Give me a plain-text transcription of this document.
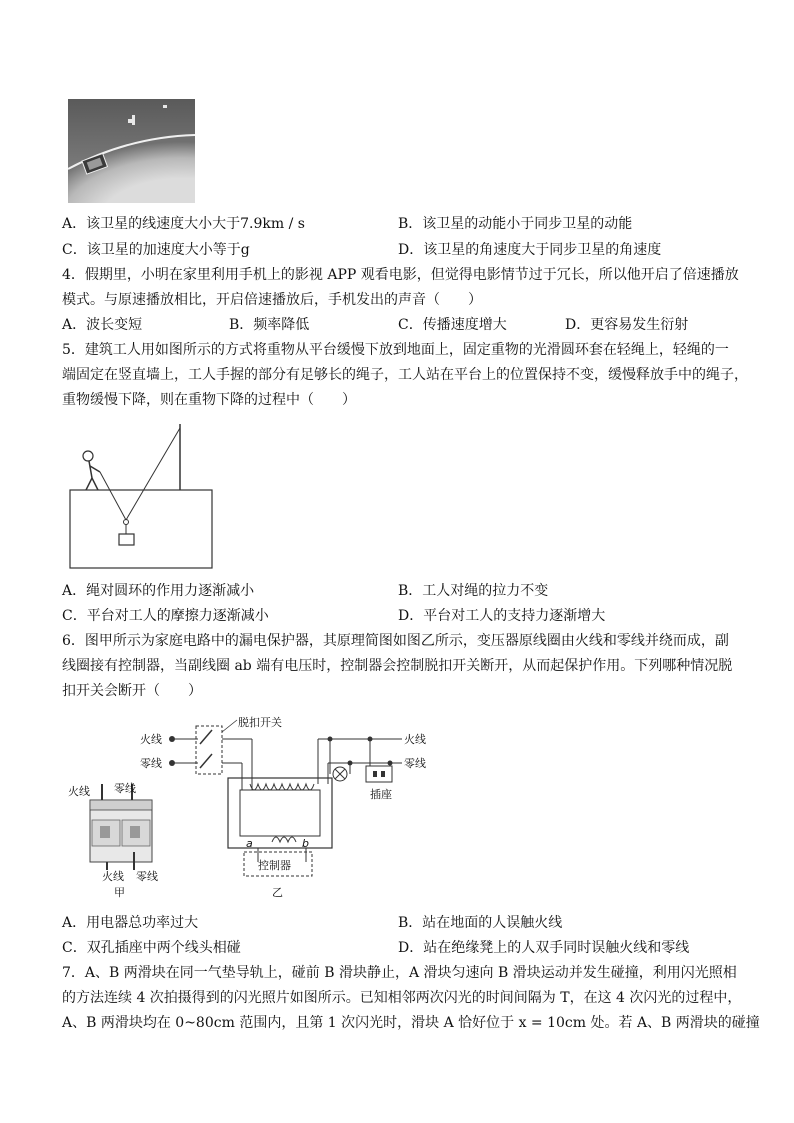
A．该卫星的线速度大小大于7.9km / s	B．该卫星的动能小于同步卫星的动能
C．该卫星的加速度大小等于g	D．该卫星的角速度大于同步卫星的角速度
4．假期里，小明在家里利用手机上的影视 APP 观看电影，但觉得电影情节过于冗长，所以他开启了倍速播放
模式。与原速播放相比，开启倍速播放后，手机发出的声音（　　）
A．波长变短	B．频率降低	C．传播速度增大	D．更容易发生衍射
5．建筑工人用如图所示的方式将重物从平台缓慢下放到地面上，固定重物的光滑圆环套在轻绳上，轻绳的一
端固定在竖直墙上，工人手握的部分有足够长的绳子，工人站在平台上的位置保持不变，缓慢释放手中的绳子，
重物缓慢下降，则在重物下降的过程中（　　）
A．绳对圆环的作用力逐渐减小	B．工人对绳的拉力不变
C．平台对工人的摩擦力逐渐减小	D．平台对工人的支持力逐渐增大
6．图甲所示为家庭电路中的漏电保护器，其原理简图如图乙所示，变压器原线圈由火线和零线并绕而成，副
线圈接有控制器，当副线圈 ab 端有电压时，控制器会控制脱扣开关断开，从而起保护作用。下列哪种情况脱
扣开关会断开（　　）
火线 零线
火线 零线
甲
火线
零线
脱扣开关
a	b
控制器
乙
火线
零线
插座
A．用电器总功率过大	B．站在地面的人误触火线
C．双孔插座中两个线头相碰	D．站在绝缘凳上的人双手同时误触火线和零线
7．A、B 两滑块在同一气垫导轨上，碰前 B 滑块静止，A 滑块匀速向 B 滑块运动并发生碰撞，利用闪光照相
的方法连续 4 次拍摄得到的闪光照片如图所示。已知相邻两次闪光的时间间隔为 T，在这 4 次闪光的过程中，
A、B 两滑块均在 0~80cm 范围内，且第 1 次闪光时，滑块 A 恰好位于 x = 10cm 处。若 A、B 两滑块的碰撞
